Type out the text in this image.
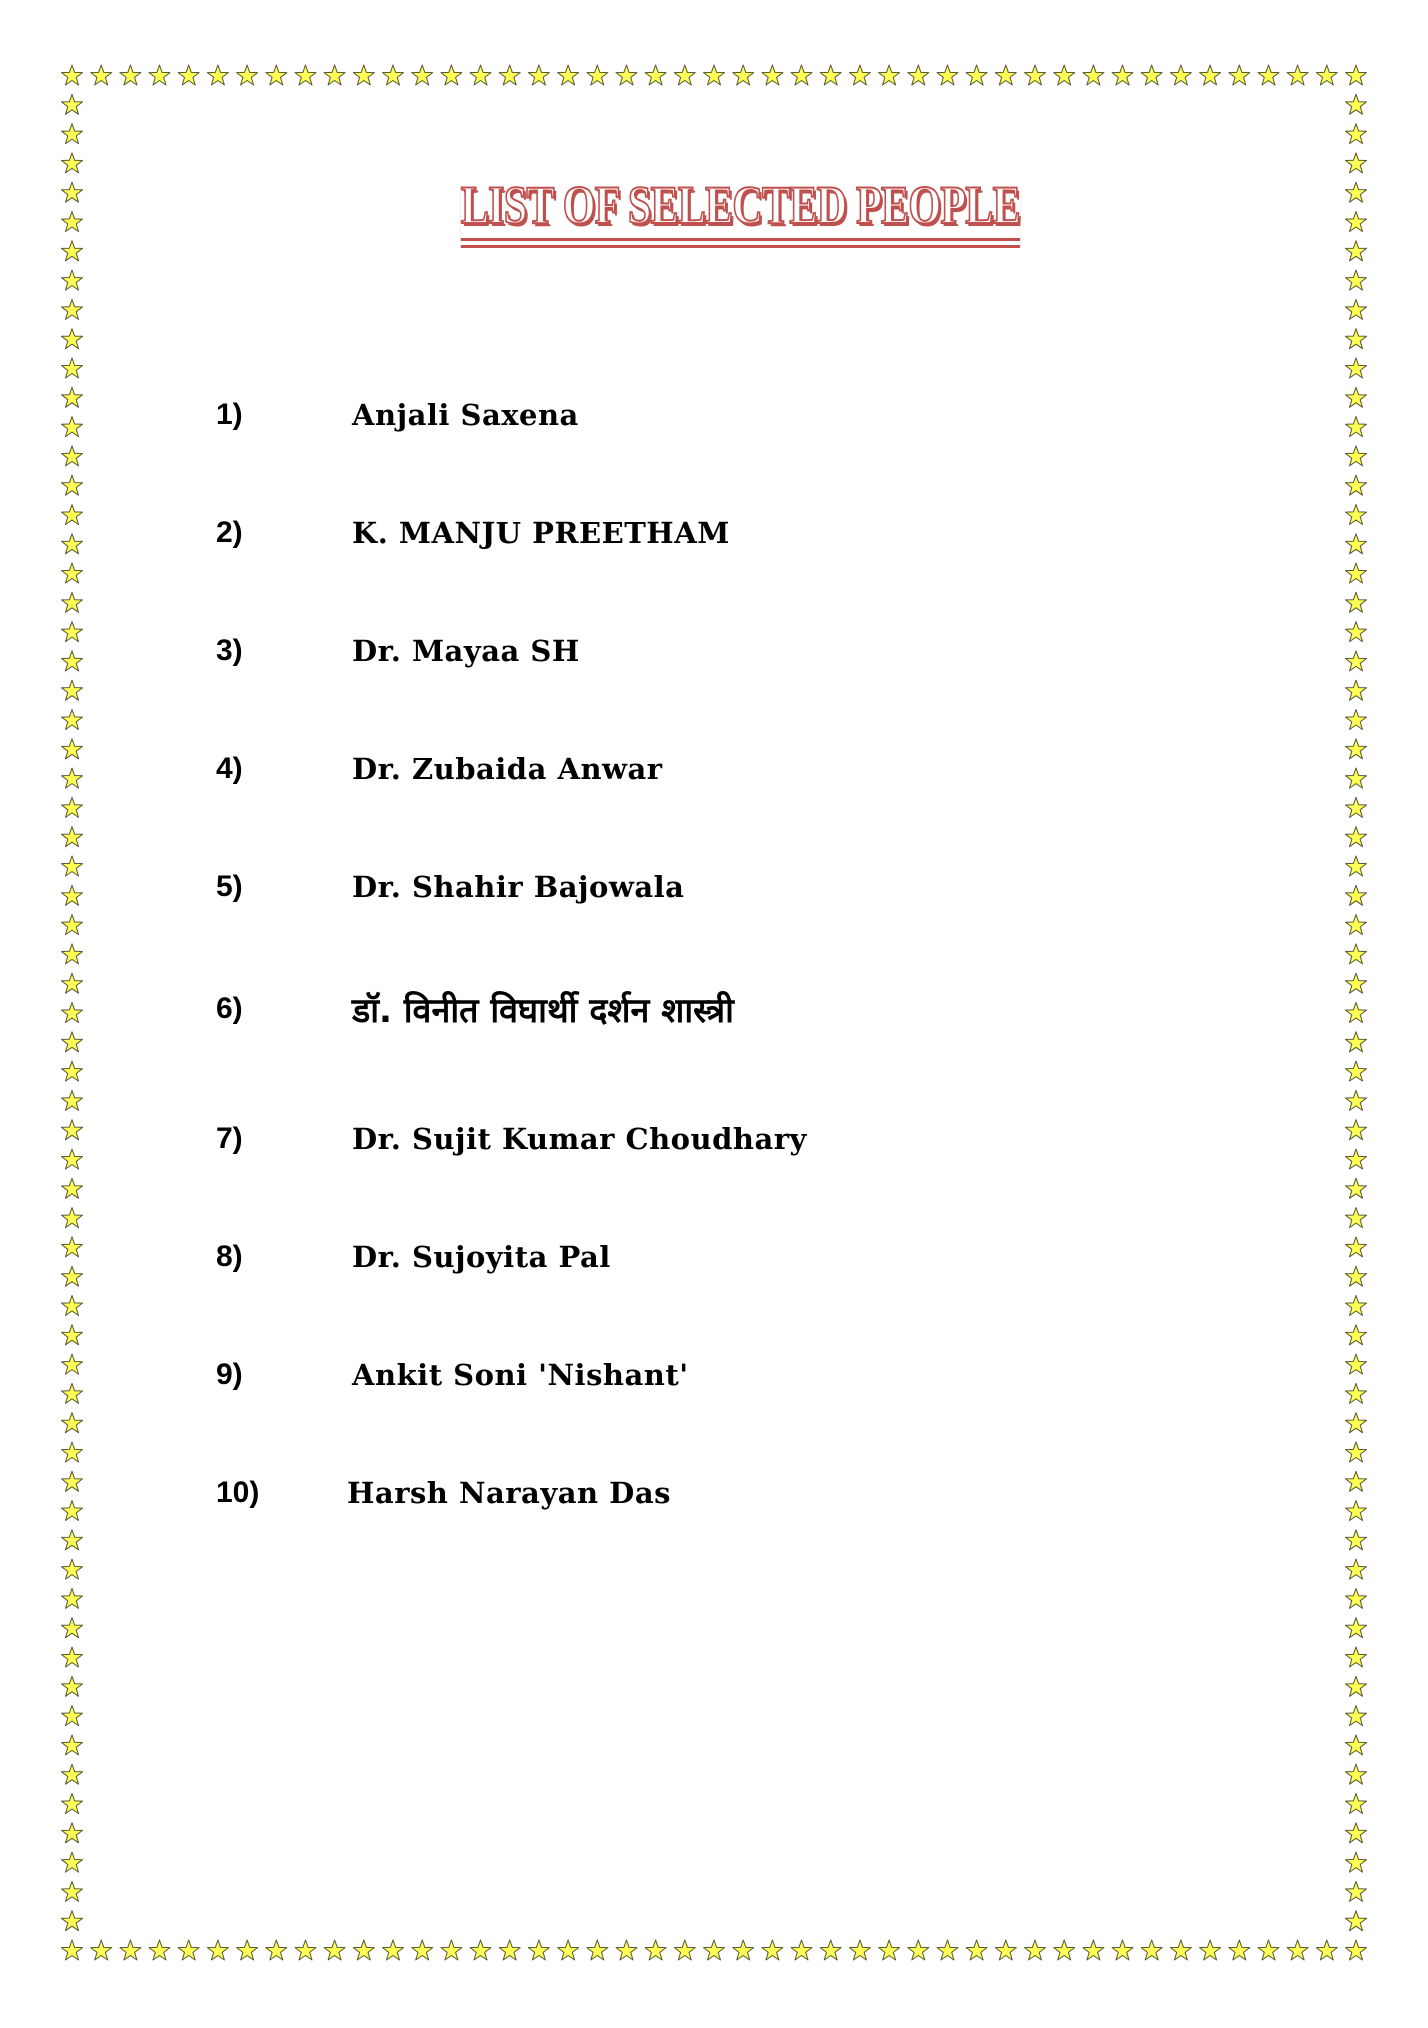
LIST OF SELECTED PEOPLE
1)	Anjali Saxena
2)	K. MANJU PREETHAM
3)	Dr. Mayaa SH
4)	Dr. Zubaida Anwar
5)	Dr. Shahir Bajowala
6)	डॉ. विनीत विघार्थी दर्शन शास्त्री
7)	Dr. Sujit Kumar Choudhary
8)	Dr. Sujoyita Pal
9)	Ankit Soni 'Nishant'
10)	Harsh Narayan Das
